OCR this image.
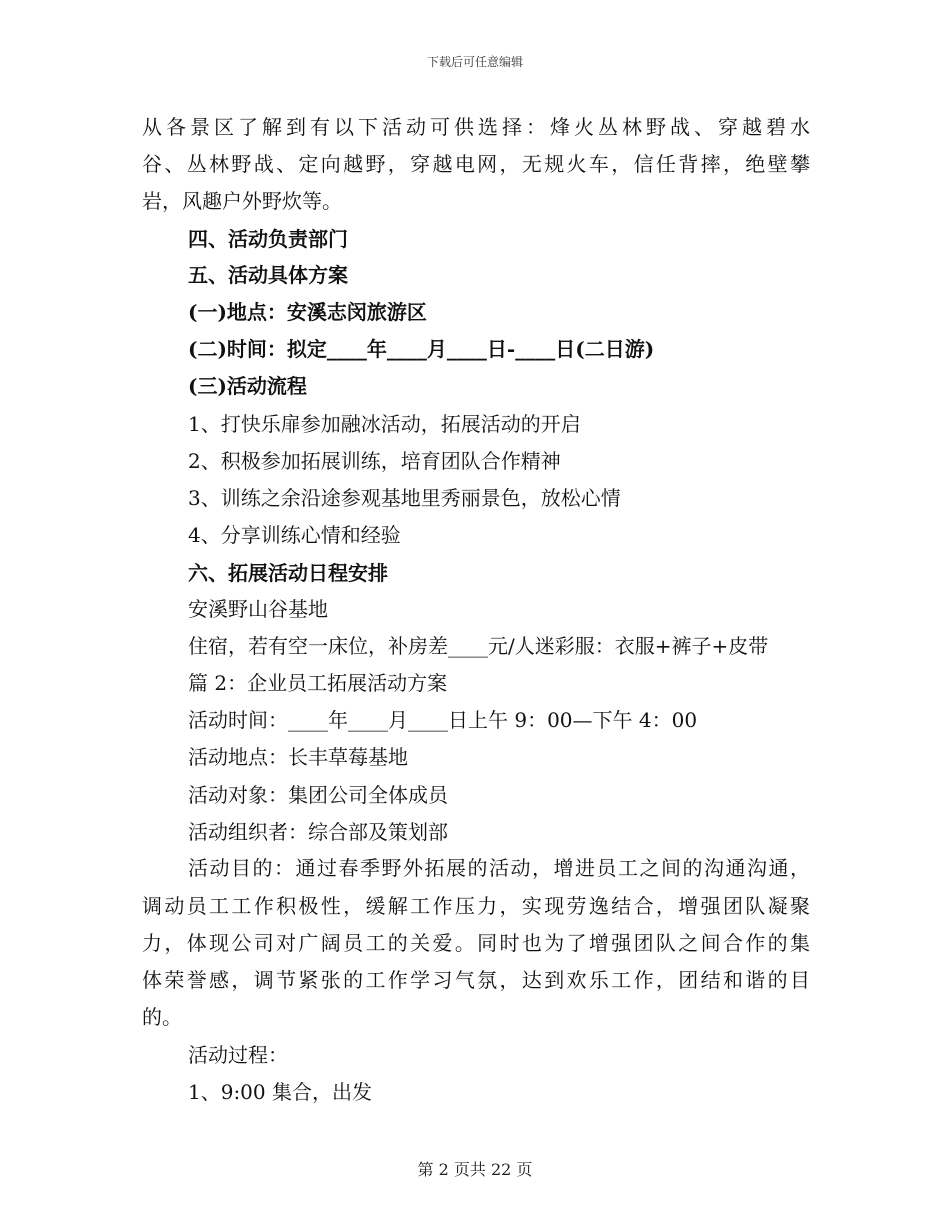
下载后可任意编辑
从各景区了解到有以下活动可供选择：烽火丛林野战、穿越碧水
谷、丛林野战、定向越野，穿越电网，无规火车，信任背摔，绝壁攀
岩，风趣户外野炊等。
四、活动负责部门
五、活动具体方案
(一)地点：安溪志闵旅游区
(二)时间：拟定____年____月____日-____日(二日游)
(三)活动流程
1、打快乐扉参加融冰活动，拓展活动的开启
2、积极参加拓展训练，培育团队合作精神
3、训练之余沿途参观基地里秀丽景色，放松心情
4、分享训练心情和经验
六、拓展活动日程安排
安溪野山谷基地
住宿，若有空一床位，补房差____元/人迷彩服：衣服+裤子+皮带
篇 2：企业员工拓展活动方案
活动时间：____年____月____日上午 9：00—下午 4：00
活动地点：长丰草莓基地
活动对象：集团公司全体成员
活动组织者：综合部及策划部
活动目的：通过春季野外拓展的活动，增进员工之间的沟通沟通，
调动员工工作积极性，缓解工作压力，实现劳逸结合，增强团队凝聚
力，体现公司对广阔员工的关爱。同时也为了增强团队之间合作的集
体荣誉感，调节紧张的工作学习气氛，达到欢乐工作，团结和谐的目
的。
活动过程：
1、9:00 集合，出发
第 2 页共 22 页
